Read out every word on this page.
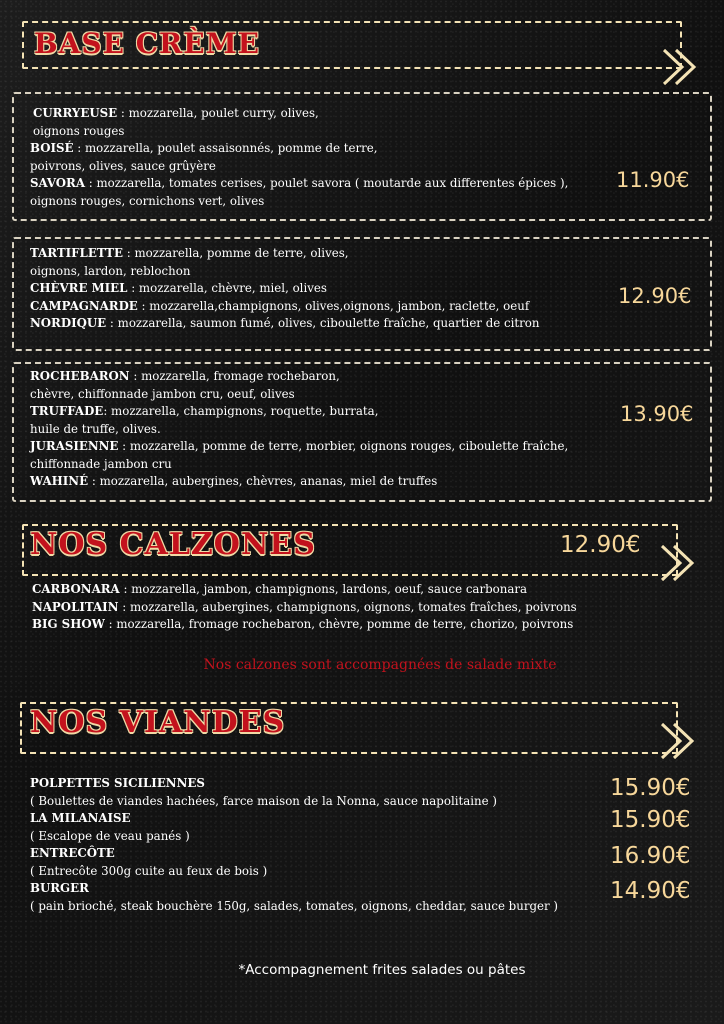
BASE CRÈME

CURRYEUSE : mozzarella, poulet curry, olives, oignons rouges

BOISÉ : mozzarella, poulet assaisonnés, pomme de terre, poivrons, olives, sauce grûyère

SAVORA : mozzarella, tomates cerises, poulet savora ( moutarde aux differentes épices ), oignons rouges, cornichons vert, olives

11.90€

TARTIFLETTE : mozzarella, pomme de terre, olives, oignons, lardon, reblochon

CHÈVRE MIEL : mozzarella, chèvre, miel, olives

CAMPAGNARDE : mozzarella,champignons, olives,oignons, jambon, raclette, oeuf

NORDIQUE : mozzarella, saumon fumé, olives, ciboulette fraîche, quartier de citron

12.90€

ROCHEBARON : mozzarella, fromage rochebaron, chèvre, chiffonnade jambon cru, oeuf, olives

TRUFFADE: mozzarella, champignons, roquette, burrata, huile de truffe, olives.

JURASIENNE : mozzarella, pomme de terre, morbier, oignons rouges, ciboulette fraîche, chiffonnade jambon cru

WAHINÉ : mozzarella, aubergines, chèvres, ananas, miel de truffes

13.90€
NOS CALZONES	12.90€

CARBONARA : mozzarella, jambon, champignons, lardons, oeuf, sauce carbonara

NAPOLITAIN : mozzarella, aubergines, champignons, oignons, tomates fraîches, poivrons

BIG SHOW : mozzarella, fromage rochebaron, chèvre, pomme de terre, chorizo, poivrons

Nos calzones sont accompagnées de salade mixte
NOS VIANDES

POLPETTES SICILIENNES

( Boulettes de viandes hachées, farce maison de la Nonna, sauce napolitaine )

LA MILANAISE

( Escalope de veau panés )

ENTRECÔTE

( Entrecôte 300g cuite au feux de bois )

BURGER

( pain brioché, steak bouchère 150g, salades, tomates, oignons, cheddar, sauce burger )

15.90€
15.90€
16.90€
14.90€
*Accompagnement frites salades ou pâtes
